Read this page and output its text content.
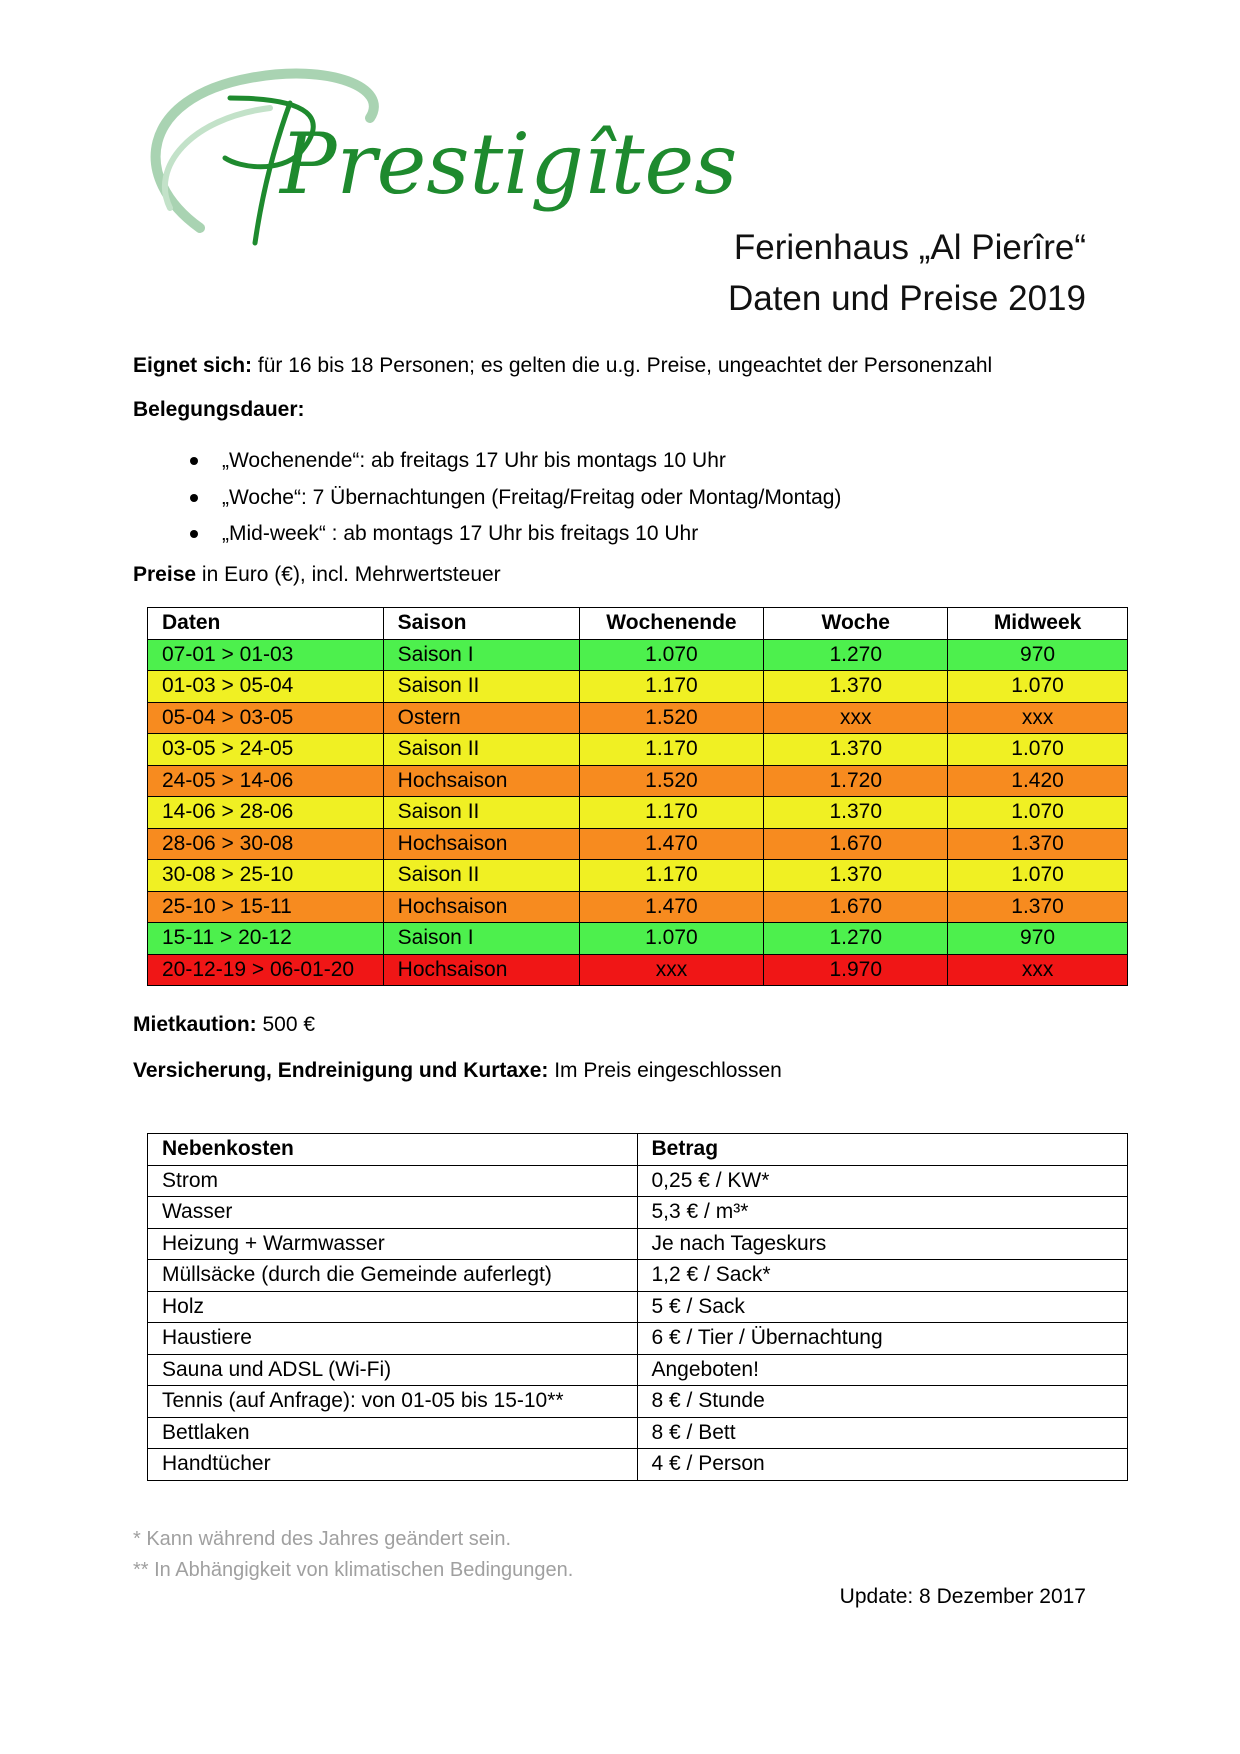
Prestigîtes
Ferienhaus „Al Pierîre“
Daten und Preise 2019
Eignet sich: für 16 bis 18 Personen; es gelten die u.g. Preise, ungeachtet der Personenzahl
Belegungsdauer:
„Wochenende“: ab freitags 17 Uhr bis montags 10 Uhr
„Woche“: 7 Übernachtungen (Freitag/Freitag oder Montag/Montag)
„Mid-week“ : ab montags 17 Uhr bis freitags 10 Uhr
Preise in Euro (€), incl. Mehrwertsteuer
Daten	Saison	Wochenende	Woche	Midweek
07-01 > 01-03	Saison I	1.070	1.270	970
01-03 > 05-04	Saison II	1.170	1.370	1.070
05-04 > 03-05	Ostern	1.520	xxx	xxx
03-05 > 24-05	Saison II	1.170	1.370	1.070
24-05 > 14-06	Hochsaison	1.520	1.720	1.420
14-06 > 28-06	Saison II	1.170	1.370	1.070
28-06 > 30-08	Hochsaison	1.470	1.670	1.370
30-08 > 25-10	Saison II	1.170	1.370	1.070
25-10 > 15-11	Hochsaison	1.470	1.670	1.370
15-11 > 20-12	Saison I	1.070	1.270	970
20-12-19 > 06-01-20	Hochsaison	xxx	1.970	xxx
Mietkaution: 500 €
Versicherung, Endreinigung und Kurtaxe: Im Preis eingeschlossen
Nebenkosten	Betrag
Strom	0,25 € / KW*
Wasser	5,3 € / m³*
Heizung + Warmwasser	Je nach Tageskurs
Müllsäcke (durch die Gemeinde auferlegt)	1,2 € / Sack*
Holz	5 € / Sack
Haustiere	6 € / Tier / Übernachtung
Sauna und ADSL (Wi-Fi)	Angeboten!
Tennis (auf Anfrage): von 01-05 bis 15-10**	8 € / Stunde
Bettlaken	8 € / Bett
Handtücher	4 € / Person
* Kann während des Jahres geändert sein.
** In Abhängigkeit von klimatischen Bedingungen.
Update: 8 Dezember 2017
